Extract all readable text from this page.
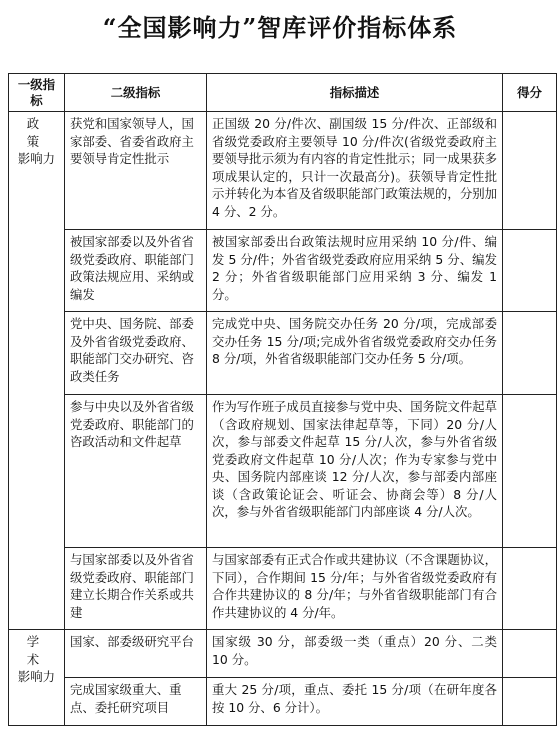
“全国影响力”智库评价指标体系
一级指标	二级指标	指标描述	得分

政 策
影响力	获党和国家领导人，国家部委、省委省政府主要领导肯定性批示	正国级 20 分/件次、副国级 15 分/件次、正部级和省级党委政府主要领导 10 分/件次(省级党委政府主要领导批示须为有内容的肯定性批示；同一成果获多项成果认定的，只计一次最高分)。获领导肯定性批示并转化为本省及省级职能部门政策法规的，分别加 4 分、2 分。	
	被国家部委以及外省省级党委政府、职能部门政策法规应用、采纳或编发	被国家部委出台政策法规时应用采纳 10 分/件、编发 5 分/件；外省省级党委政府应用采纳 5 分、编发 2 分；外省省级职能部门应用采纳 3 分、编发 1 分。	
	党中央、国务院、部委及外省省级党委政府、职能部门交办研究、咨政类任务	完成党中央、国务院交办任务 20 分/项，完成部委交办任务 15 分/项;完成外省省级党委政府交办任务 8 分/项，外省省级职能部门交办任务 5 分/项。	
	参与中央以及外省省级党委政府、职能部门的咨政活动和文件起草	作为写作班子成员直接参与党中央、国务院文件起草（含政府规划、国家法律起草等，下同）20 分/人次，参与部委文件起草 15 分/人次，参与外省省级党委政府文件起草 10 分/人次；作为专家参与党中央、国务院内部座谈 12 分/人次，参与部委内部座谈（含政策论证会、听证会、协商会等）8 分/人次，参与外省省级职能部门内部座谈 4 分/人次。	
	与国家部委以及外省省级党委政府、职能部门建立长期合作关系或共建	与国家部委有正式合作或共建协议（不含课题协议，下同），合作期间 15 分/年；与外省省级党委政府有合作共建协议的 8 分/年；与外省省级职能部门有合作共建协议的 4 分/年。	

学 术
影响力	国家、部委级研究平台	国家级 30 分，部委级一类（重点）20 分、二类 10 分。	
	完成国家级重大、重点、委托研究项目	重大 25 分/项，重点、委托 15 分/项（在研年度各按 10 分、6 分计）。	
